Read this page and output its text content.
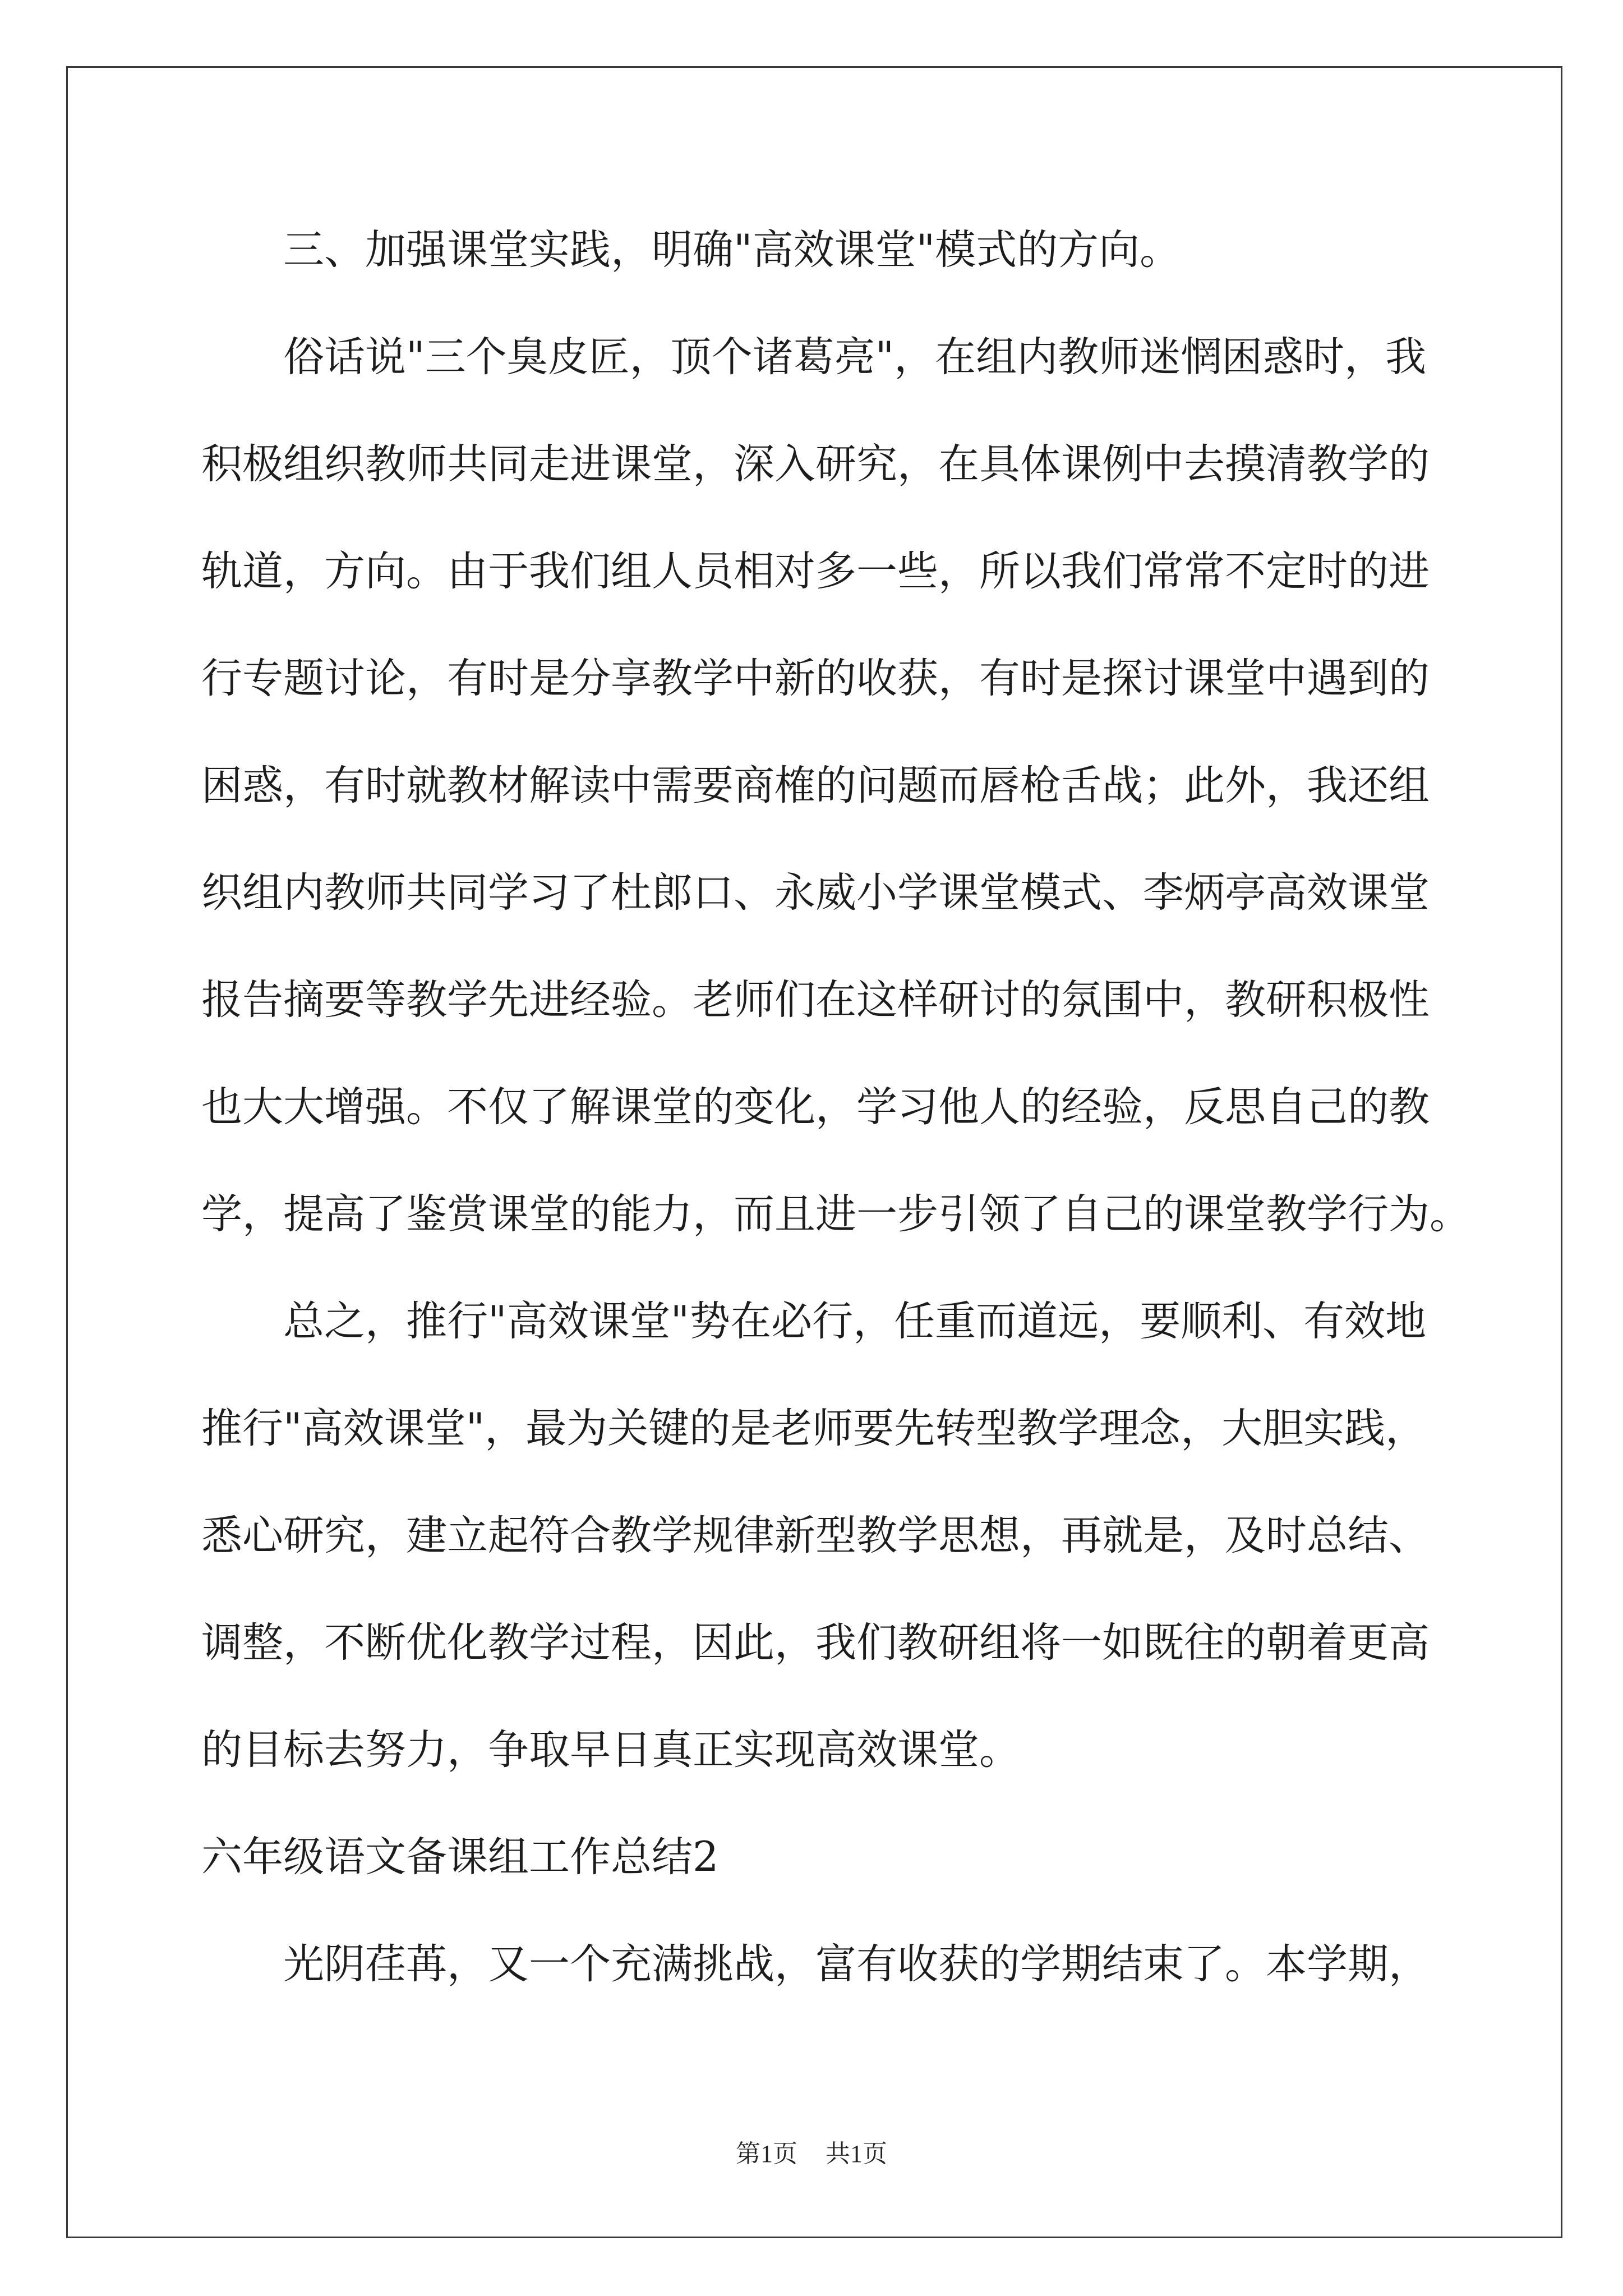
三、加强课堂实践，明确"高效课堂"模式的方向。
俗话说"三个臭皮匠，顶个诸葛亮"，在组内教师迷惘困惑时，我
积极组织教师共同走进课堂，深入研究，在具体课例中去摸清教学的
轨道，方向。由于我们组人员相对多一些，所以我们常常不定时的进
行专题讨论，有时是分享教学中新的收获，有时是探讨课堂中遇到的
困惑，有时就教材解读中需要商榷的问题而唇枪舌战；此外，我还组
织组内教师共同学习了杜郎口、永威小学课堂模式、李炳亭高效课堂
报告摘要等教学先进经验。老师们在这样研讨的氛围中，教研积极性
也大大增强。不仅了解课堂的变化，学习他人的经验，反思自己的教
学，提高了鉴赏课堂的能力，而且进一步引领了自己的课堂教学行为。
总之，推行"高效课堂"势在必行，任重而道远，要顺利、有效地
推行"高效课堂"，最为关键的是老师要先转型教学理念，大胆实践，
悉心研究，建立起符合教学规律新型教学思想，再就是，及时总结、
调整，不断优化教学过程，因此，我们教研组将一如既往的朝着更高
的目标去努力，争取早日真正实现高效课堂。
六年级语文备课组工作总结2
光阴荏苒，又一个充满挑战，富有收获的学期结束了。本学期，
第1页 共1页
